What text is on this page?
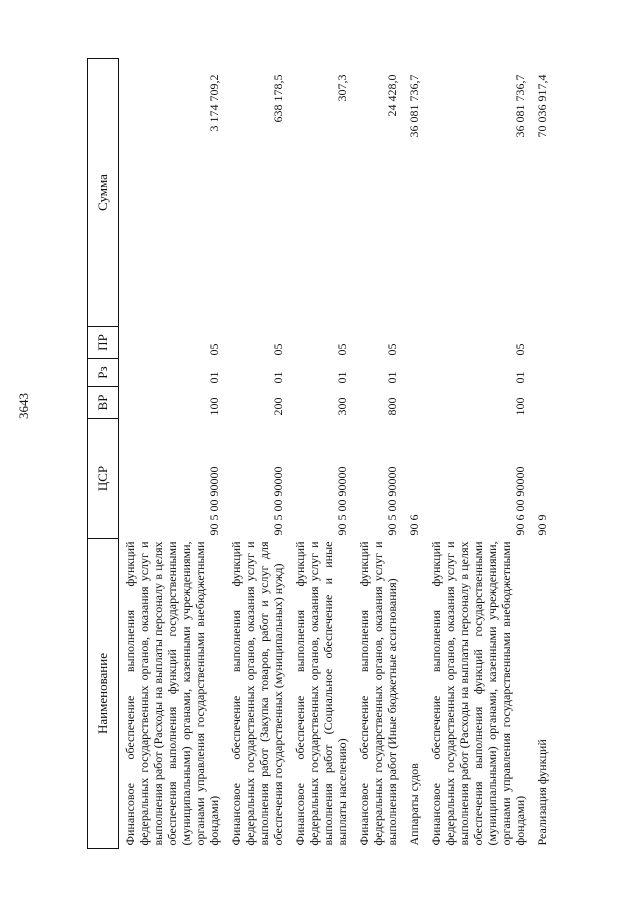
3643
Наименование	ЦСР	ВР	Рз	ПР	Сумма
Финансовое обеспечение выполнения функций федеральных государственных органов, оказания услуг и выполнения работ (Расходы на выплаты персоналу в целях обеспечения выполнения функций государственными (муниципальными) органами, казенными учреждениями, органами управления государственными внебюджетными фондами)	90 5 00 90000	100	01	05	3 174 709,2
Финансовое обеспечение выполнения функций федеральных государственных органов, оказания услуг и выполнения работ (Закупка товаров, работ и услуг для обеспечения государственных (муниципальных) нужд)	90 5 00 90000	200	01	05	638 178,5
Финансовое обеспечение выполнения функций федеральных государственных органов, оказания услуг и выполнения работ (Социальное обеспечение и иные выплаты населению)	90 5 00 90000	300	01	05	307,3
Финансовое обеспечение выполнения функций федеральных государственных органов, оказания услуг и выполнения работ (Иные бюджетные ассигнования)	90 5 00 90000	800	01	05	24 428,0
Аппараты судов	90 6				36 081 736,7
Финансовое обеспечение выполнения функций федеральных государственных органов, оказания услуг и выполнения работ (Расходы на выплаты персоналу в целях обеспечения выполнения функций государственными (муниципальными) органами, казенными учреждениями, органами управления государственными внебюджетными фондами)	90 6 00 90000	100	01	05	36 081 736,7
Реализация функций	90 9				70 036 917,4
